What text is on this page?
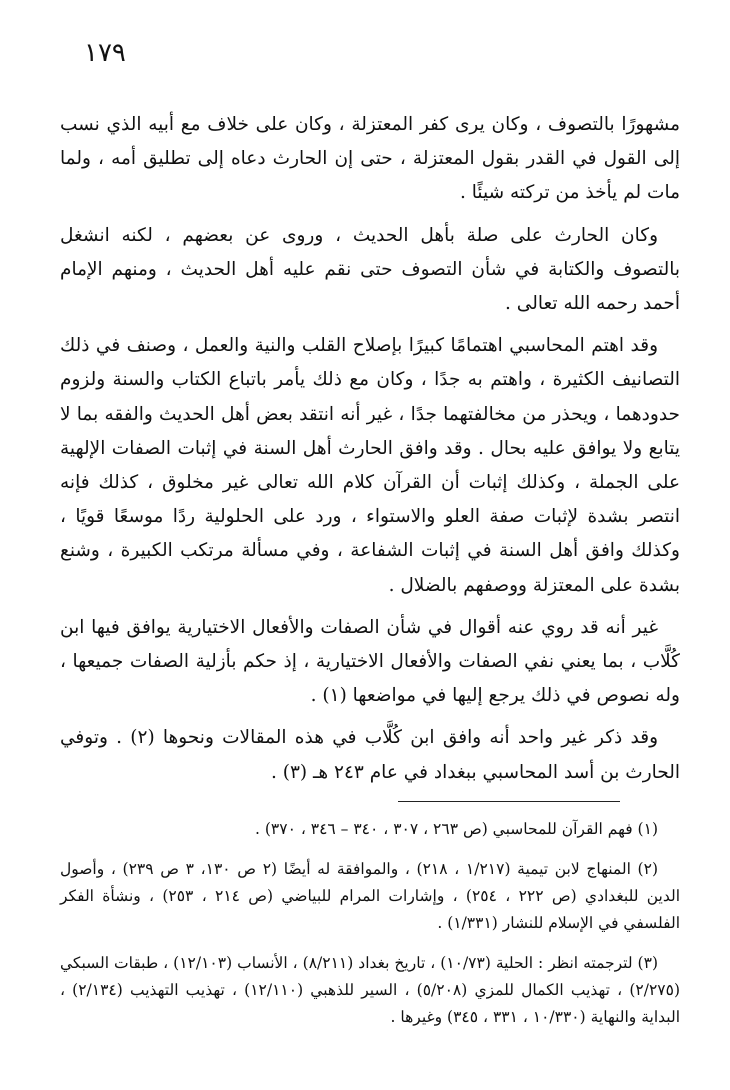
١٧٩

مشهورًا بالتصوف ، وكان يرى كفر المعتزلة ، وكان على خلاف مع أبيه الذي نسب إلى القول في القدر بقول المعتزلة ، حتى إن الحارث دعاه إلى تطليق أمه ، ولما مات لم يأخذ من تركته شيئًا .

وكان الحارث على صلة بأهل الحديث ، وروى عن بعضهم ، لكنه انشغل بالتصوف والكتابة في شأن التصوف حتى نقم عليه أهل الحديث ، ومنهم الإمام أحمد رحمه الله تعالى .

وقد اهتم المحاسبي اهتمامًا كبيرًا بإصلاح القلب والنية والعمل ، وصنف في ذلك التصانيف الكثيرة ، واهتم به جدًا ، وكان مع ذلك يأمر باتباع الكتاب والسنة ولزوم حدودهما ، ويحذر من مخالفتهما جدًا ، غير أنه انتقد بعض أهل الحديث والفقه بما لا يتابع ولا يوافق عليه بحال . وقد وافق الحارث أهل السنة في إثبات الصفات الإلهية على الجملة ، وكذلك إثبات أن القرآن كلام الله تعالى غير مخلوق ، كذلك فإنه انتصر بشدة لإثبات صفة العلو والاستواء ، ورد على الحلولية ردًا موسعًا قويًا ، وكذلك وافق أهل السنة في إثبات الشفاعة ، وفي مسألة مرتكب الكبيرة ، وشنع بشدة على المعتزلة ووصفهم بالضلال .

غير أنه قد روي عنه أقوال في شأن الصفات والأفعال الاختيارية يوافق فيها ابن كُلَّاب ، بما يعني نفي الصفات والأفعال الاختيارية ، إذ حكم بأزلية الصفات جميعها ، وله نصوص في ذلك يرجع إليها في مواضعها (١) .

وقد ذكر غير واحد أنه وافق ابن كُلَّاب في هذه المقالات ونحوها (٢) . وتوفي الحارث بن أسد المحاسبي ببغداد في عام ٢٤٣ هـ (٣) .

(١) فهم القرآن للمحاسبي (ص ٢٦٣ ، ٣٠٧ ، ٣٤٠ – ٣٤٦ ، ٣٧٠) .

(٢) المنهاج لابن تيمية (١/٢١٧ ، ٢١٨) ، والموافقة له أيضًا (٢ ص ١٣٠، ٣ ص ٢٣٩) ، وأصول الدين للبغدادي (ص ٢٢٢ ، ٢٥٤) ، وإشارات المرام للبياضي (ص ٢١٤ ، ٢٥٣) ، ونشأة الفكر الفلسفي في الإسلام للنشار (١/٣٣١) .

(٣) لترجمته انظر : الحلية (١٠/٧٣) ، تاريخ بغداد (٨/٢١١) ، الأنساب (١٢/١٠٣) ، طبقات السبكي (٢/٢٧٥) ، تهذيب الكمال للمزي (٥/٢٠٨) ، السير للذهبي (١٢/١١٠) ، تهذيب التهذيب (٢/١٣٤) ، البداية والنهاية (١٠/٣٣٠ ، ٣٣١ ، ٣٤٥) وغيرها .
